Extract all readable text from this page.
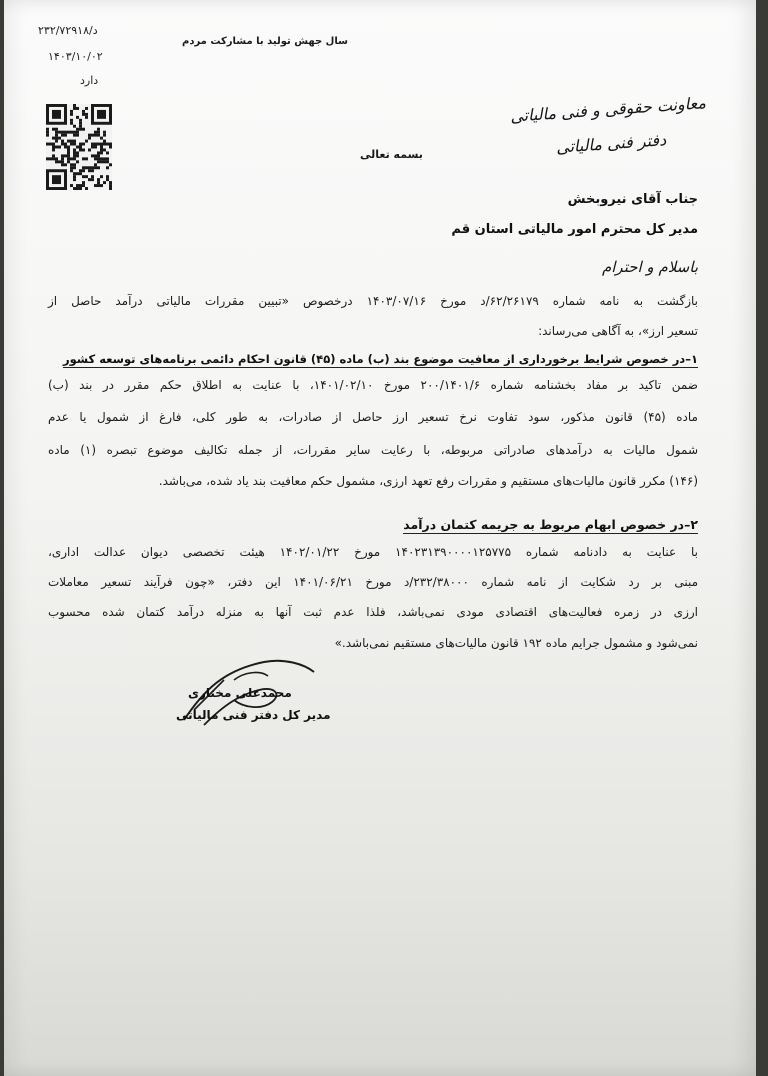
۲۳۲/۷۲۹۱۸/د
۱۴۰۳/۱۰/۰۲
دارد
سال جهش تولید با مشارکت مردم
بسمه تعالی
معاونت حقوقی و فنی مالیاتی
دفتر فنی مالیاتی
جناب آقای نیروبخش
مدیر کل محترم امور مالیاتی استان قم
باسلام و احترام
بازگشت به نامه شماره ۶۲/۲۶۱۷۹/د مورخ ۱۴۰۳/۰۷/۱۶ درخصوص «تبیین مقررات مالیاتی درآمد حاصل از
تسعیر ارز»، به آگاهی می‌رساند:
۱–در خصوص شرایط برخورداری از معافیت موضوع بند (ب) ماده (۴۵) قانون احکام دائمی برنامه‌های توسعه کشور
ضمن تاکید بر مفاد بخشنامه شماره ۲۰۰/۱۴۰۱/۶ مورخ ۱۴۰۱/۰۲/۱۰، با عنایت به اطلاق حکم مقرر در بند (ب)
ماده (۴۵) قانون مذکور، سود تفاوت نرخ تسعیر ارز حاصل از صادرات، به طور کلی، فارغ از شمول یا عدم
شمول مالیات به درآمدهای صادراتی مربوطه، با رعایت سایر مقررات، از جمله تکالیف موضوع تبصره (۱) ماده
(۱۴۶) مکرر قانون مالیات‌های مستقیم و مقررات رفع تعهد ارزی، مشمول حکم معافیت بند یاد شده، می‌باشد.
۲–در خصوص ابهام مربوط به جریمه کتمان درآمد
با عنایت به دادنامه شماره ۱۴۰۲۳۱۳۹۰۰۰۰۱۲۵۷۷۵ مورخ ۱۴۰۲/۰۱/۲۲ هیئت تخصصی دیوان عدالت اداری،
مبنی بر رد شکایت از نامه شماره ۲۳۲/۳۸۰۰۰/د مورخ ۱۴۰۱/۰۶/۲۱ این دفتر، «چون فرآیند تسعیر معاملات
ارزی در زمره فعالیت‌های اقتصادی مودی نمی‌باشد، فلذا عدم ثبت آنها به منزله درآمد کتمان شده محسوب
نمی‌شود و مشمول جرایم ماده ۱۹۲ قانون مالیات‌های مستقیم نمی‌باشد.»
محمدعلی مختاری
مدیر کل دفتر فنی مالیاتی
